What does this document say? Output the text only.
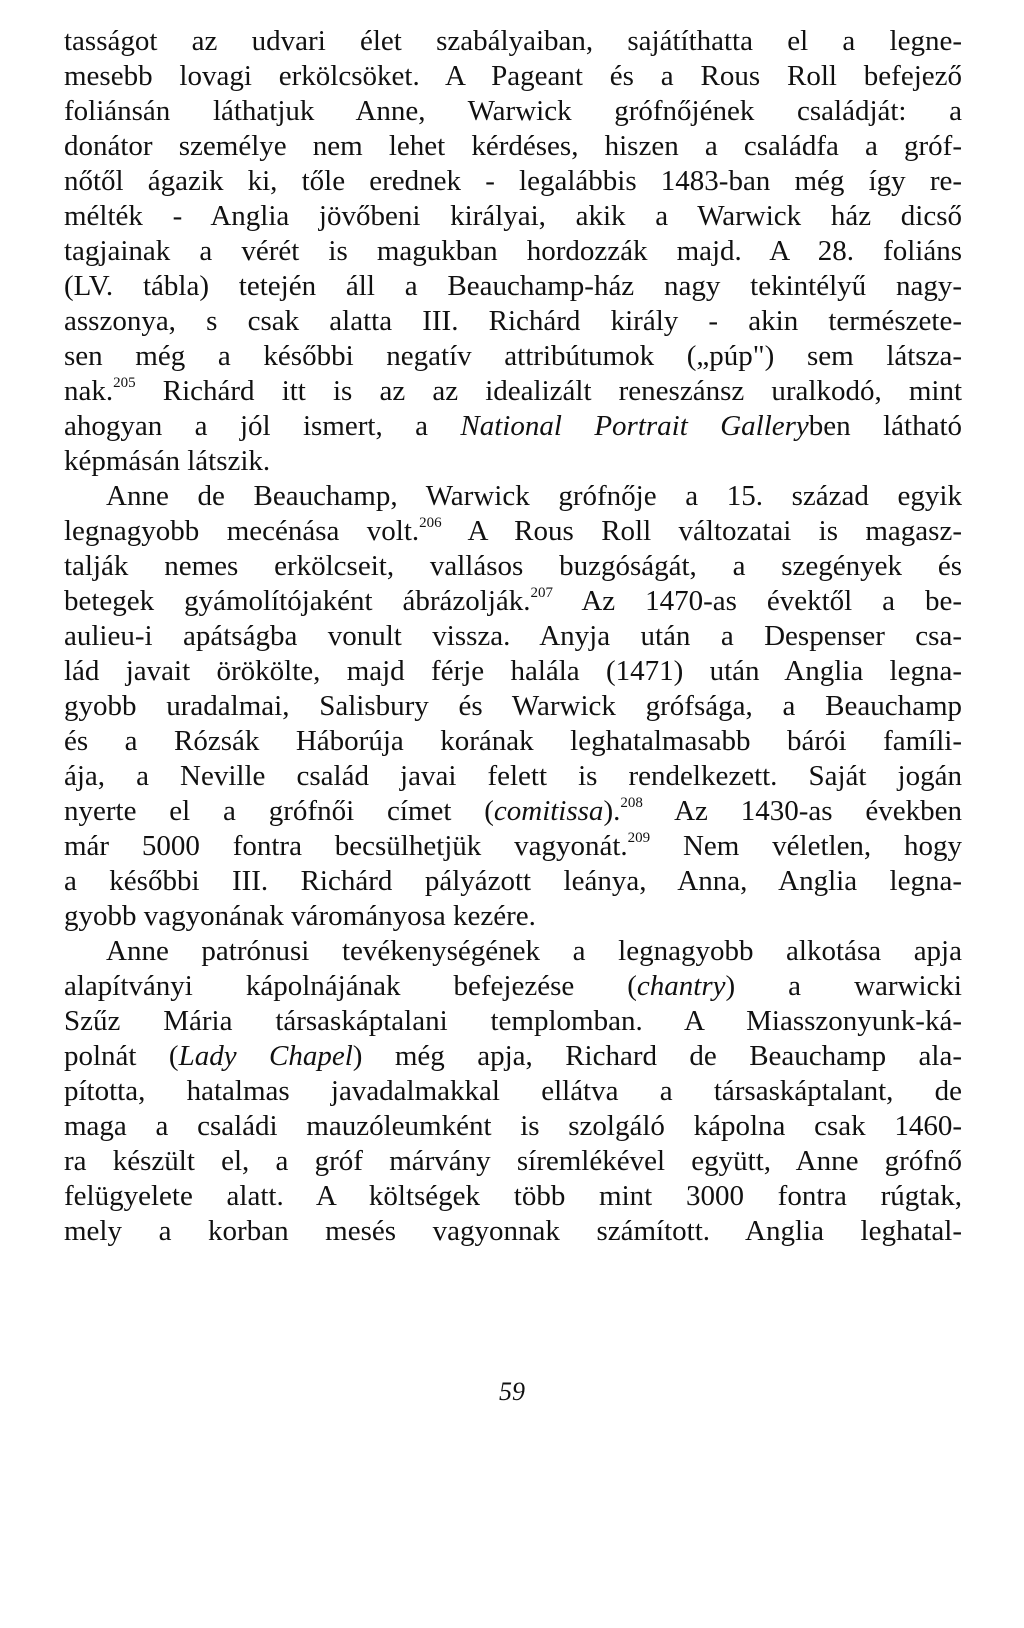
tasságot az udvari élet szabályaiban, sajátíthatta el a legne-
mesebb lovagi erkölcsöket. A Pageant és a Rous Roll befejező
foliánsán láthatjuk Anne, Warwick grófnőjének családját: a
donátor személye nem lehet kérdéses, hiszen a családfa a gróf-
nőtől ágazik ki, tőle erednek - legalábbis 1483-ban még így re-
mélték - Anglia jövőbeni királyai, akik a Warwick ház dicső
tagjainak a vérét is magukban hordozzák majd. A 28. foliáns
(LV. tábla) tetején áll a Beauchamp-ház nagy tekintélyű nagy-
asszonya, s csak alatta III. Richárd király - akin természete-
sen még a későbbi negatív attribútumok („púp") sem látsza-
nak.$^{205}$ Richárd itt is az az idealizált reneszánsz uralkodó, mint
ahogyan a jól ismert, a National Portrait Galleryben látható
képmásán látszik.
Anne de Beauchamp, Warwick grófnője a 15. század egyik
legnagyobb mecénása volt.$^{206}$ A Rous Roll változatai is magasz-
talják nemes erkölcseit, vallásos buzgóságát, a szegények és
betegek gyámolítójaként ábrázolják.$^{207}$ Az 1470-as évektől a be-
aulieu-i apátságba vonult vissza. Anyja után a Despenser csa-
lád javait örökölte, majd férje halála (1471) után Anglia legna-
gyobb uradalmai, Salisbury és Warwick grófsága, a Beauchamp
és a Rózsák Háborúja korának leghatalmasabb bárói famíli-
ája, a Neville család javai felett is rendelkezett. Saját jogán
nyerte el a grófnői címet (comitissa).$^{208}$ Az 1430-as években
már 5000 fontra becsülhetjük vagyonát.$^{209}$ Nem véletlen, hogy
a későbbi III. Richárd pályázott leánya, Anna, Anglia legna-
gyobb vagyonának várományosa kezére.
Anne patrónusi tevékenységének a legnagyobb alkotása apja
alapítványi kápolnájának befejezése (chantry) a warwicki
Szűz Mária társaskáptalani templomban. A Miasszonyunk-ká-
polnát (Lady Chapel) még apja, Richard de Beauchamp ala-
pította, hatalmas javadalmakkal ellátva a társaskáptalant, de
maga a családi mauzóleumként is szolgáló kápolna csak 1460-
ra készült el, a gróf márvány síremlékével együtt, Anne grófnő
felügyelete alatt. A költségek több mint 3000 fontra rúgtak,
mely a korban mesés vagyonnak számított. Anglia leghatal-
59
